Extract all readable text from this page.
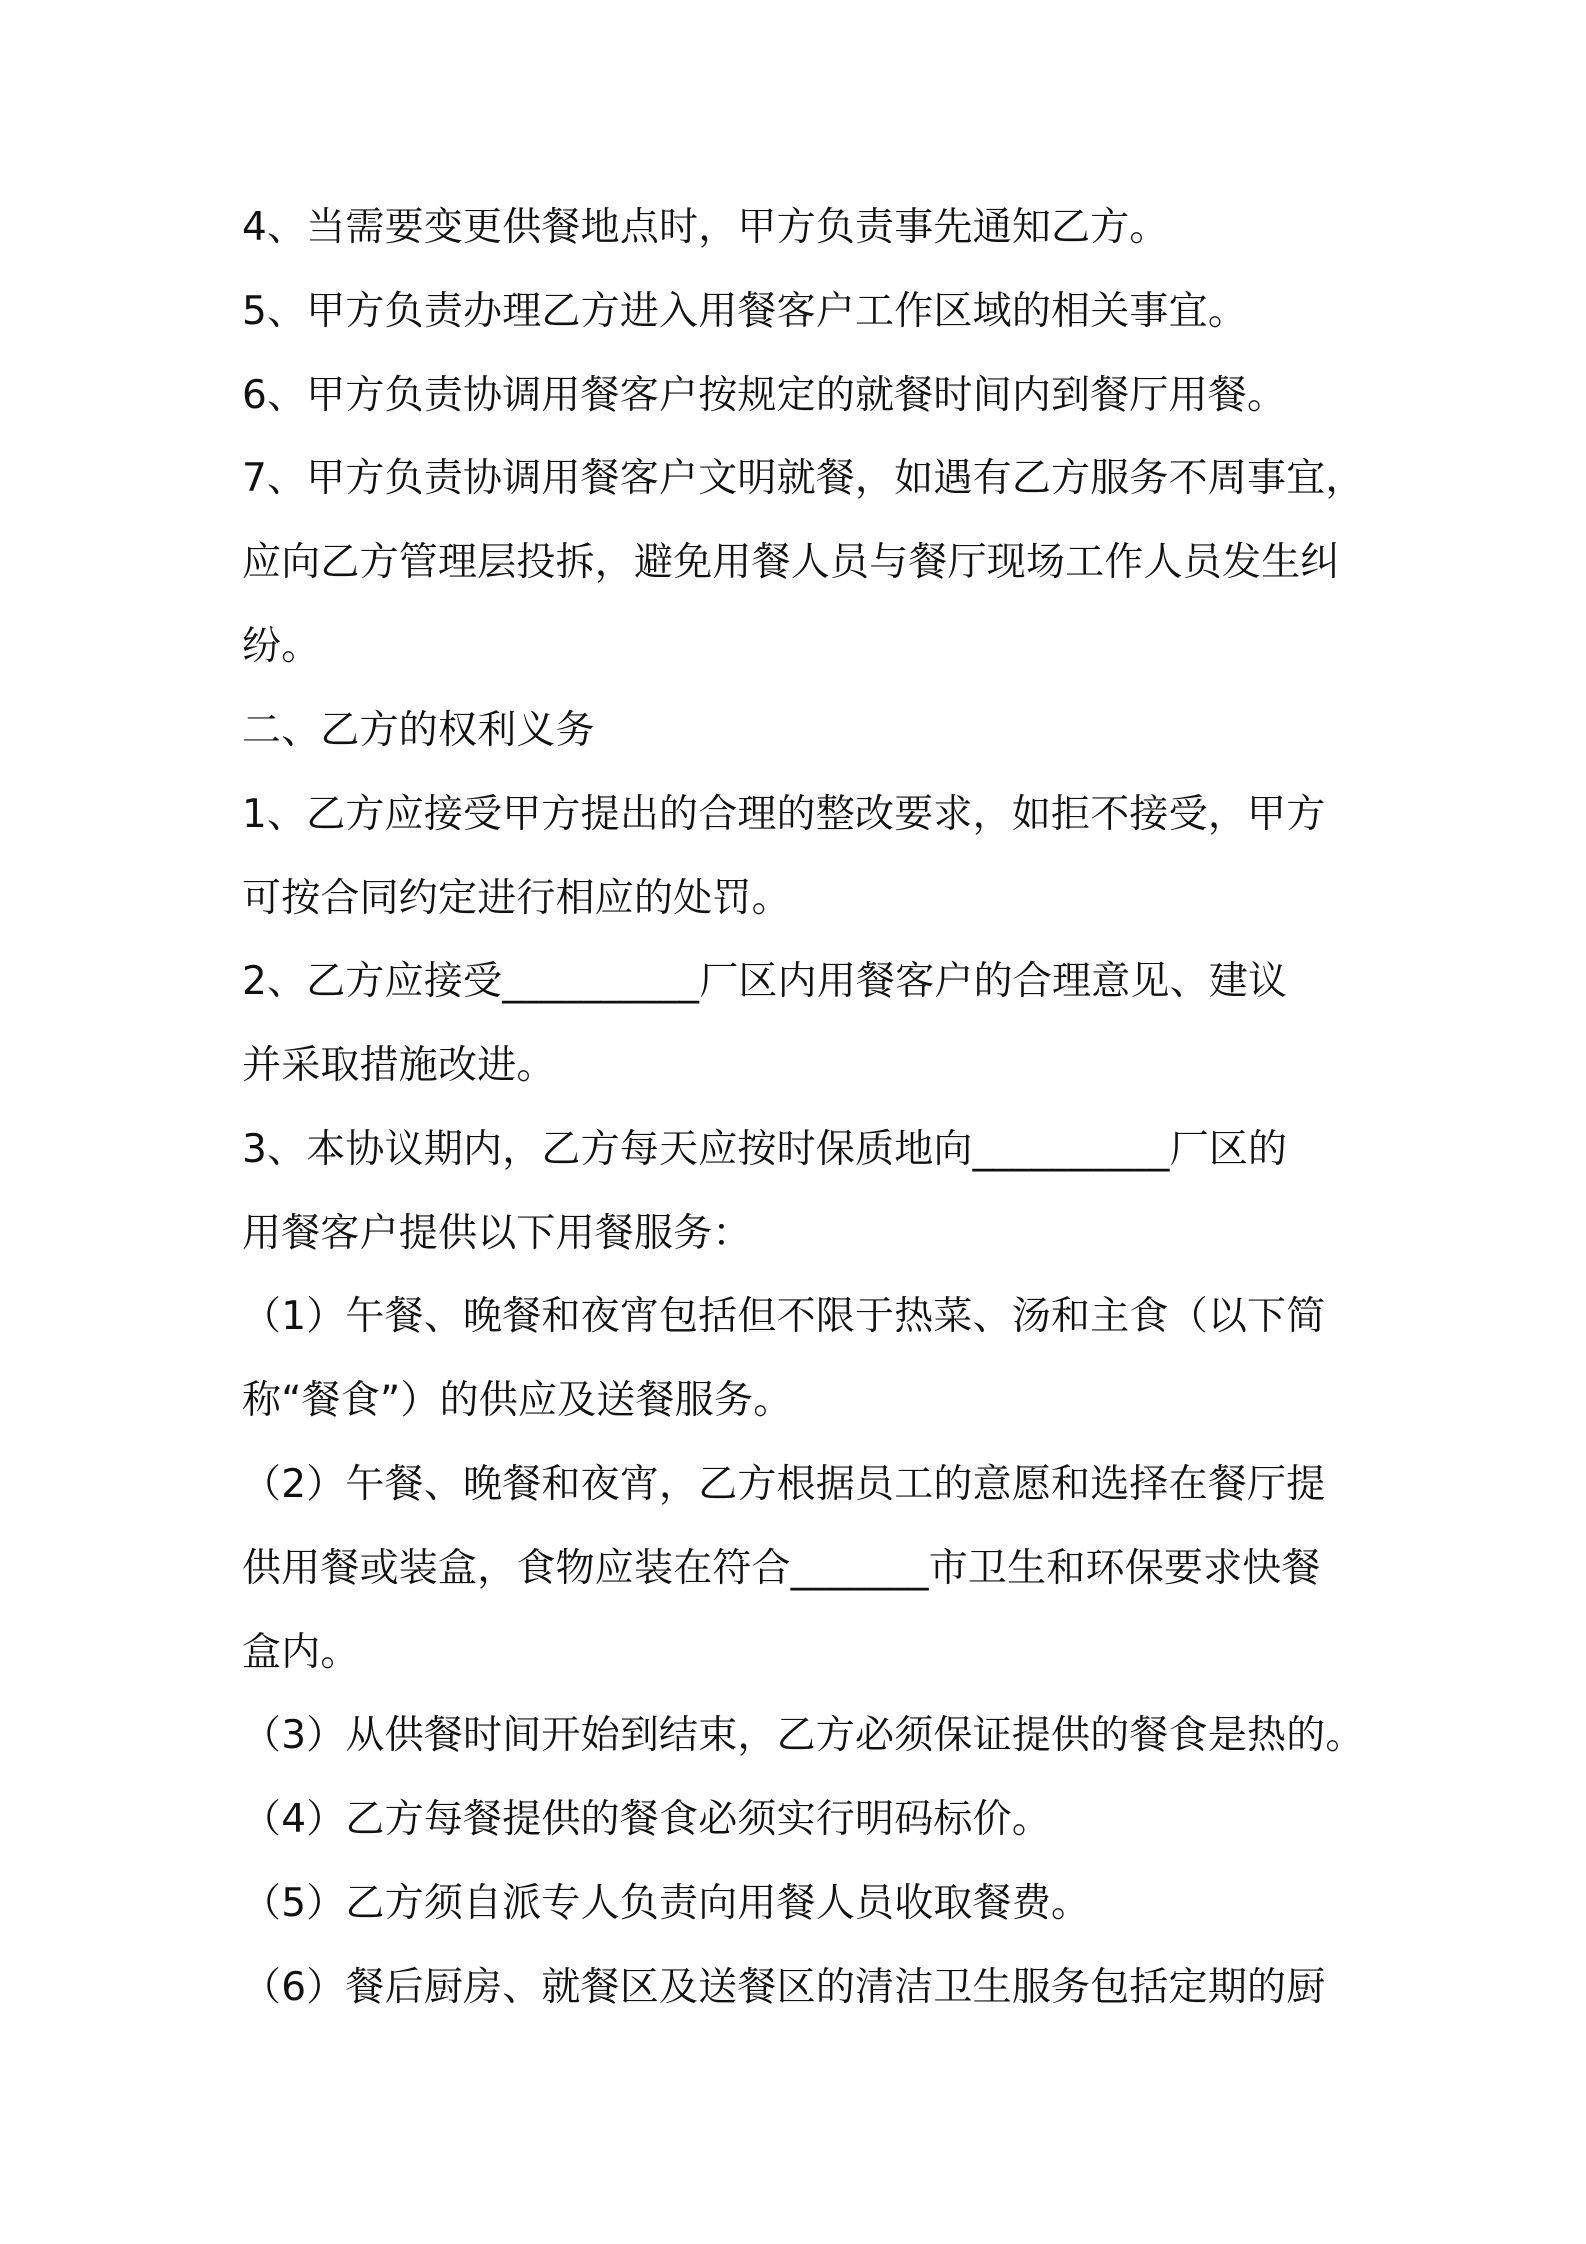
4、当需要变更供餐地点时，甲方负责事先通知乙方。

5、甲方负责办理乙方进入用餐客户工作区域的相关事宜。

6、甲方负责协调用餐客户按规定的就餐时间内到餐厅用餐。

7、甲方负责协调用餐客户文明就餐，如遇有乙方服务不周事宜，

应向乙方管理层投拆，避免用餐人员与餐厅现场工作人员发生纠

纷。

二、乙方的权利义务

1、乙方应接受甲方提出的合理的整改要求，如拒不接受，甲方

可按合同约定进行相应的处罚。

2、乙方应接受__________厂区内用餐客户的合理意见、建议

并采取措施改进。

3、本协议期内，乙方每天应按时保质地向__________厂区的

用餐客户提供以下用餐服务：

（1）午餐、晚餐和夜宵包括但不限于热菜、汤和主食（以下简

称“餐食”）的供应及送餐服务。

（2）午餐、晚餐和夜宵，乙方根据员工的意愿和选择在餐厅提

供用餐或装盒，食物应装在符合_______市卫生和环保要求快餐

盒内。

（3）从供餐时间开始到结束，乙方必须保证提供的餐食是热的。

（4）乙方每餐提供的餐食必须实行明码标价。

（5）乙方须自派专人负责向用餐人员收取餐费。

（6）餐后厨房、就餐区及送餐区的清洁卫生服务包括定期的厨
